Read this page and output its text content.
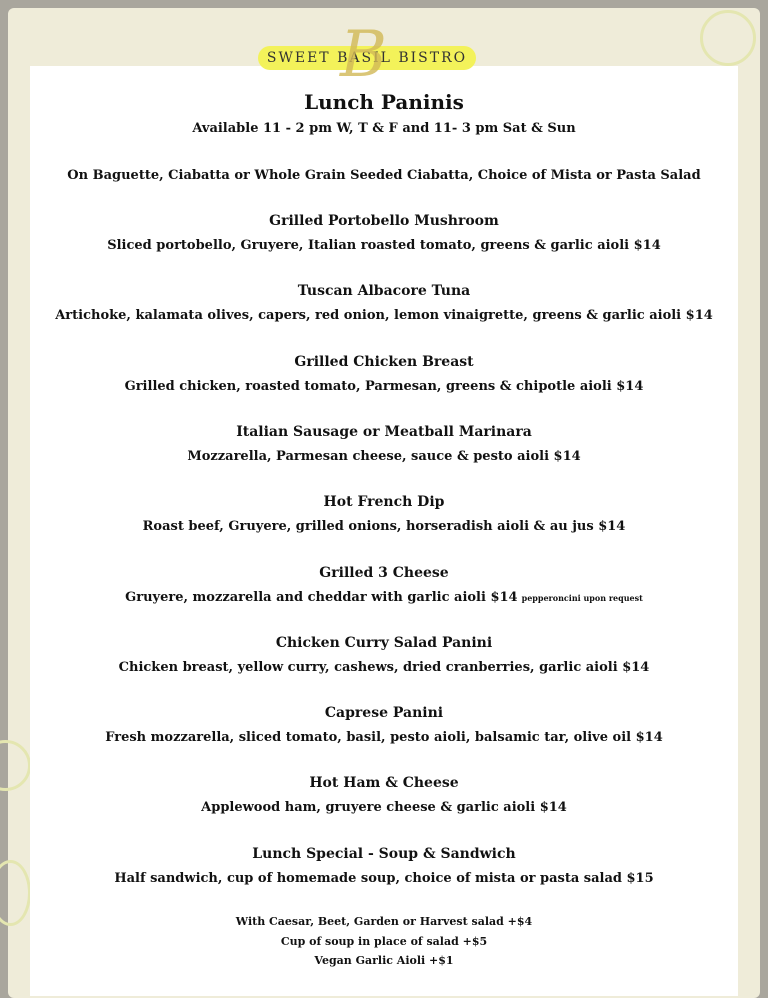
SWEET BASIL BISTRO
B
Lunch Paninis
Available 11 - 2 pm W, T & F and 11- 3 pm Sat & Sun
On Baguette, Ciabatta or Whole Grain Seeded Ciabatta, Choice of Mista or Pasta Salad
Grilled Portobello Mushroom
Sliced portobello, Gruyere, Italian roasted tomato, greens & garlic aioli $14
Tuscan Albacore Tuna
Artichoke, kalamata olives, capers, red onion, lemon vinaigrette, greens & garlic aioli $14
Grilled Chicken Breast
Grilled chicken, roasted tomato, Parmesan, greens & chipotle aioli $14
Italian Sausage or Meatball Marinara
Mozzarella, Parmesan cheese, sauce & pesto aioli $14
Hot French Dip
Roast beef, Gruyere, grilled onions, horseradish aioli & au jus $14
Grilled 3 Cheese
Gruyere, mozzarella and cheddar with garlic aioli $14 pepperoncini upon request
Chicken Curry Salad Panini
Chicken breast, yellow curry, cashews, dried cranberries, garlic aioli $14
Caprese Panini
Fresh mozzarella, sliced tomato, basil, pesto aioli, balsamic tar, olive oil $14
Hot Ham & Cheese
Applewood ham, gruyere cheese & garlic aioli $14
Lunch Special - Soup & Sandwich
Half sandwich, cup of homemade soup, choice of mista or pasta salad $15
With Caesar, Beet, Garden or Harvest salad +$4
Cup of soup in place of salad +$5
Vegan Garlic Aioli +$1
